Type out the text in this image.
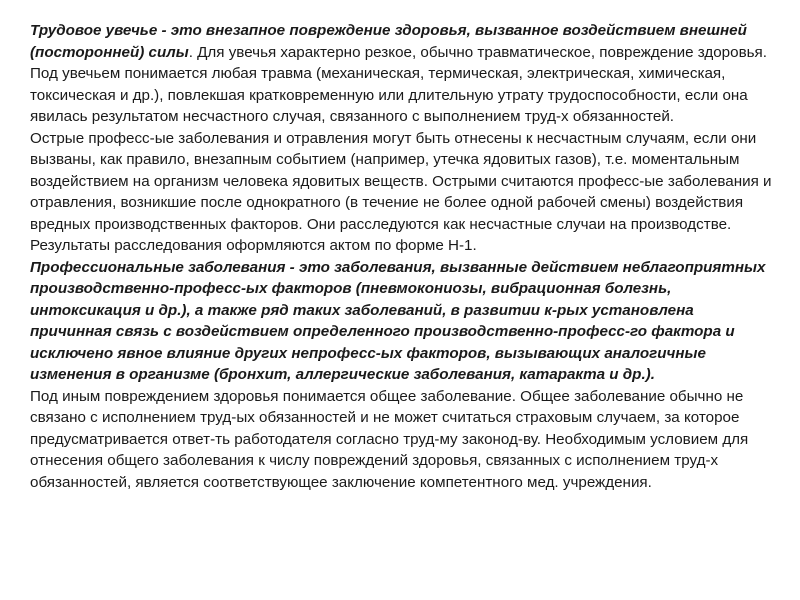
Трудовое увечье - это внезапное повреждение здоровья, вызванное воздействием внешней (посторонней) силы. Для увечья характерно резкое, обычно травматическое, повреждение здоровья. Под увечьем понимается любая травма (механическая, термическая, электрическая, химическая, токсическая и др.), повлекшая кратковременную или длительную утрату трудоспособности, если она явилась результатом несчастного случая, связанного с выполнением труд-х обязанностей.

Острые професс-ые заболевания и отравления могут быть отнесены к несчастным случаям, если они вызваны, как правило, внезапным событием (например, утечка ядовитых газов), т.е. моментальным воздействием на организм человека ядовитых веществ. Острыми считаются професс-ые заболевания и отравления, возникшие после однократного (в течение не более одной рабочей смены) воздействия вредных производственных факторов. Они расследуются как несчастные случаи на производстве. Результаты расследования оформляются актом по форме Н-1.

Профессиональные заболевания - это заболевания, вызванные действием неблагоприятных производственно-професс-ых факторов (пневмокониозы, вибрационная болезнь, интоксикация и др.), а также ряд таких заболеваний, в развитии к-рых установлена причинная связь с воздействием определенного производственно-професс-го фактора и исключено явное влияние других непрофесс-ых факторов, вызывающих аналогичные изменения в организме (бронхит, аллергические заболевания, катаракта и др.).

Под иным повреждением здоровья понимается общее заболевание. Общее заболевание обычно не связано с исполнением труд-ых обязанностей и не может считаться страховым случаем, за которое предусматривается ответ-ть работодателя согласно труд-му законод-ву. Необходимым условием для отнесения общего заболевания к числу повреждений здоровья, связанных с исполнением труд-х обязанностей, является соответствующее заключение компетентного мед. учреждения.
